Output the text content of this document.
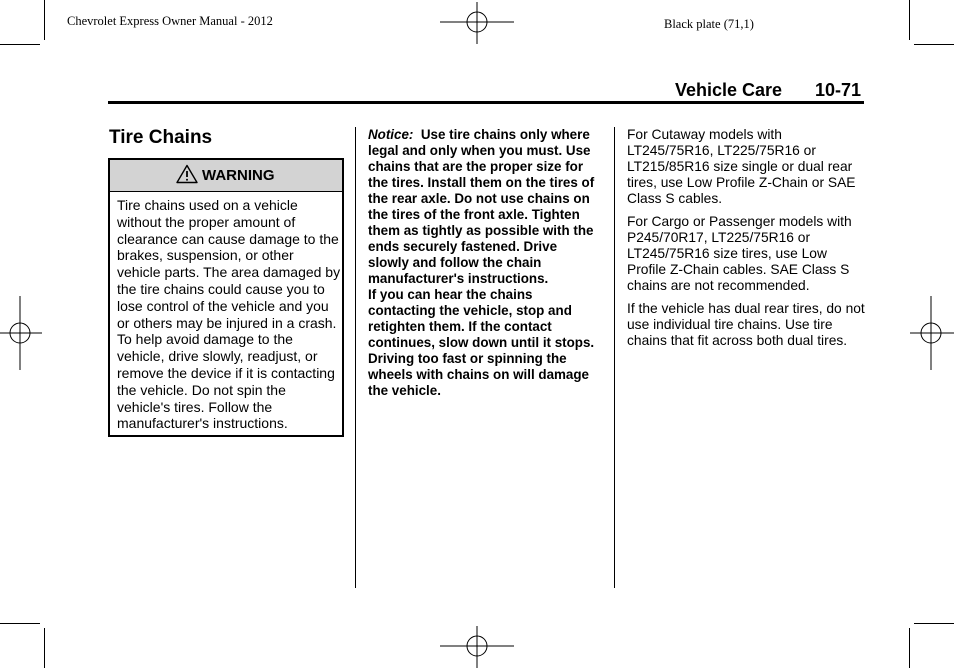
Chevrolet Express Owner Manual - 2012	Black plate (71,1)
Vehicle Care 10-71
Tire Chains
WARNING
Tire chains used on a vehicle without the proper amount of clearance can cause damage to the brakes, suspension, or other vehicle parts. The area damaged by the tire chains could cause you to lose control of the vehicle and you or others may be injured in a crash. To help avoid damage to the vehicle, drive slowly, readjust, or remove the device if it is contacting the vehicle. Do not spin the vehicle's tires. Follow the manufacturer's instructions.
Notice: Use tire chains only where legal and only when you must. Use chains that are the proper size for the tires. Install them on the tires of the rear axle. Do not use chains on the tires of the front axle. Tighten them as tightly as possible with the ends securely fastened. Drive slowly and follow the chain manufacturer's instructions.
If you can hear the chains contacting the vehicle, stop and retighten them. If the contact continues, slow down until it stops. Driving too fast or spinning the wheels with chains on will damage the vehicle.

For Cutaway models with LT245/75R16, LT225/75R16 or LT215/85R16 size single or dual rear tires, use Low Profile Z-Chain or SAE Class S cables.

For Cargo or Passenger models with P245/70R17, LT225/75R16 or LT245/75R16 size tires, use Low Profile Z-Chain cables. SAE Class S chains are not recommended.

If the vehicle has dual rear tires, do not use individual tire chains. Use tire chains that fit across both dual tires.
